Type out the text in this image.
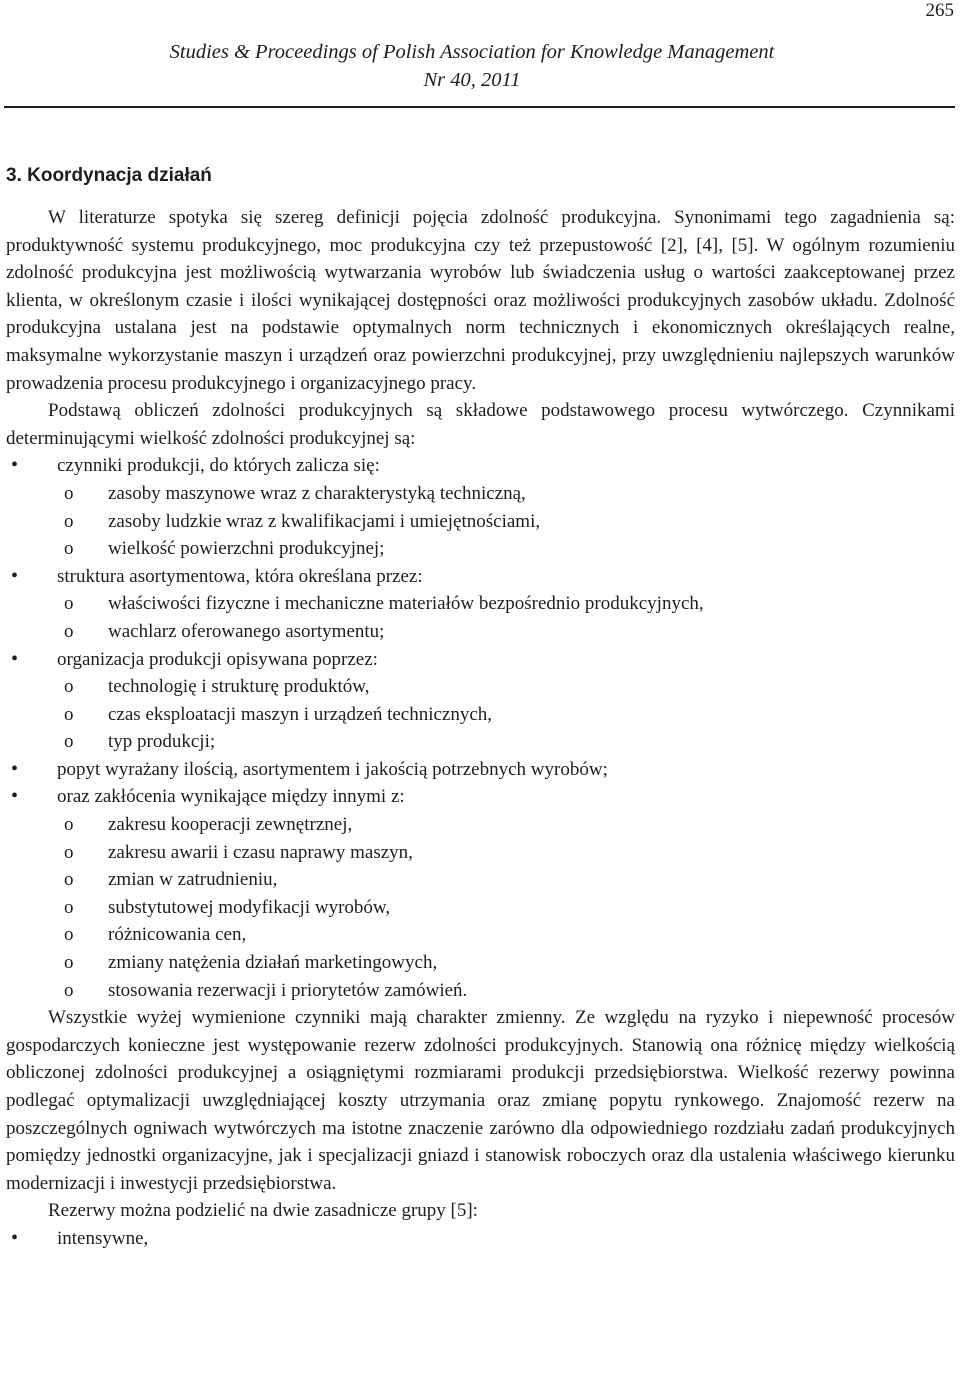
265
Studies & Proceedings of Polish Association for Knowledge Management
Nr 40, 2011
3. Koordynacja działań

W literaturze spotyka się szereg definicji pojęcia zdolność produkcyjna. Synonimami tego zagadnienia są: produktywność systemu produkcyjnego, moc produkcyjna czy też przepustowość [2], [4], [5]. W ogólnym rozumieniu zdolność produkcyjna jest możliwością wytwarzania wyrobów lub świadczenia usług o wartości zaakceptowanej przez klienta, w określonym czasie i ilości wynikającej dostępności oraz możliwości produkcyjnych zasobów układu. Zdolność produkcyjna ustalana jest na podstawie optymalnych norm technicznych i ekonomicznych określających realne, maksymalne wykorzystanie maszyn i urządzeń oraz powierzchni produkcyjnej, przy uwzględnieniu najlepszych warunków prowadzenia procesu produkcyjnego i organizacyjnego pracy.

Podstawą obliczeń zdolności produkcyjnych są składowe podstawowego procesu wytwórczego. Czynnikami determinującymi wielkość zdolności produkcyjnej są:

• czynniki produkcji, do których zalicza się:
o zasoby maszynowe wraz z charakterystyką techniczną,
o zasoby ludzkie wraz z kwalifikacjami i umiejętnościami,
o wielkość powierzchni produkcyjnej;
• struktura asortymentowa, która określana przez:
o właściwości fizyczne i mechaniczne materiałów bezpośrednio produkcyjnych,
o wachlarz oferowanego asortymentu;
• organizacja produkcji opisywana poprzez:
o technologię i strukturę produktów,
o czas eksploatacji maszyn i urządzeń technicznych,
o typ produkcji;
• popyt wyrażany ilością, asortymentem i jakością potrzebnych wyrobów;
• oraz zakłócenia wynikające między innymi z:
o zakresu kooperacji zewnętrznej,
o zakresu awarii i czasu naprawy maszyn,
o zmian w zatrudnieniu,
o substytutowej modyfikacji wyrobów,
o różnicowania cen,
o zmiany natężenia działań marketingowych,
o stosowania rezerwacji i priorytetów zamówień.

Wszystkie wyżej wymienione czynniki mają charakter zmienny. Ze względu na ryzyko i niepewność procesów gospodarczych konieczne jest występowanie rezerw zdolności produkcyjnych. Stanowią ona różnicę między wielkością obliczonej zdolności produkcyjnej a osiągniętymi rozmiarami produkcji przedsiębiorstwa. Wielkość rezerwy powinna podlegać optymalizacji uwzględniającej koszty utrzymania oraz zmianę popytu rynkowego. Znajomość rezerw na poszczególnych ogniwach wytwórczych ma istotne znaczenie zarówno dla odpowiedniego rozdziału zadań produkcyjnych pomiędzy jednostki organizacyjne, jak i specjalizacji gniazd i stanowisk roboczych oraz dla ustalenia właściwego kierunku modernizacji i inwestycji przedsiębiorstwa.

Rezerwy można podzielić na dwie zasadnicze grupy [5]:

• intensywne,
